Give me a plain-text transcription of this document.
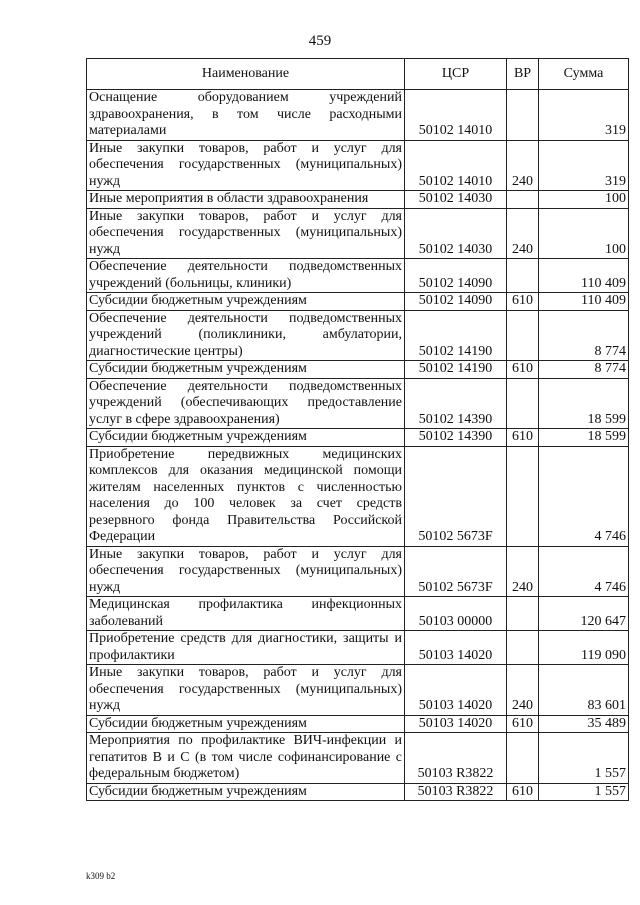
459
Наименование	ЦСР	ВР	Сумма
Оснащение оборудованием учреждений здравоохранения, в том числе расходными материалами	50102 14010		319
Иные закупки товаров, работ и услуг для обеспечения государственных (муниципальных) нужд	50102 14010	240	319
Иные мероприятия в области здравоохранения	50102 14030		100
Иные закупки товаров, работ и услуг для обеспечения государственных (муниципальных) нужд	50102 14030	240	100
Обеспечение деятельности подведомственных учреждений (больницы, клиники)	50102 14090		110 409
Субсидии бюджетным учреждениям	50102 14090	610	110 409
Обеспечение деятельности подведомственных учреждений (поликлиники, амбулатории, диагностические центры)	50102 14190		8 774
Субсидии бюджетным учреждениям	50102 14190	610	8 774
Обеспечение деятельности подведомственных учреждений (обеспечивающих предоставление услуг в сфере здравоохранения)	50102 14390		18 599
Субсидии бюджетным учреждениям	50102 14390	610	18 599
Приобретение передвижных медицинских комплексов для оказания медицинской помощи жителям населенных пунктов с численностью населения до 100 человек за счет средств резервного фонда Правительства Российской Федерации	50102 5673F		4 746
Иные закупки товаров, работ и услуг для обеспечения государственных (муниципальных) нужд	50102 5673F	240	4 746
Медицинская профилактика инфекционных заболеваний	50103 00000		120 647
Приобретение средств для диагностики, защиты и профилактики	50103 14020		119 090
Иные закупки товаров, работ и услуг для обеспечения государственных (муниципальных) нужд	50103 14020	240	83 601
Субсидии бюджетным учреждениям	50103 14020	610	35 489
Мероприятия по профилактике ВИЧ-инфекции и гепатитов В и С (в том числе софинансирование с федеральным бюджетом)	50103 R3822		1 557
Субсидии бюджетным учреждениям	50103 R3822	610	1 557
k309 b2
